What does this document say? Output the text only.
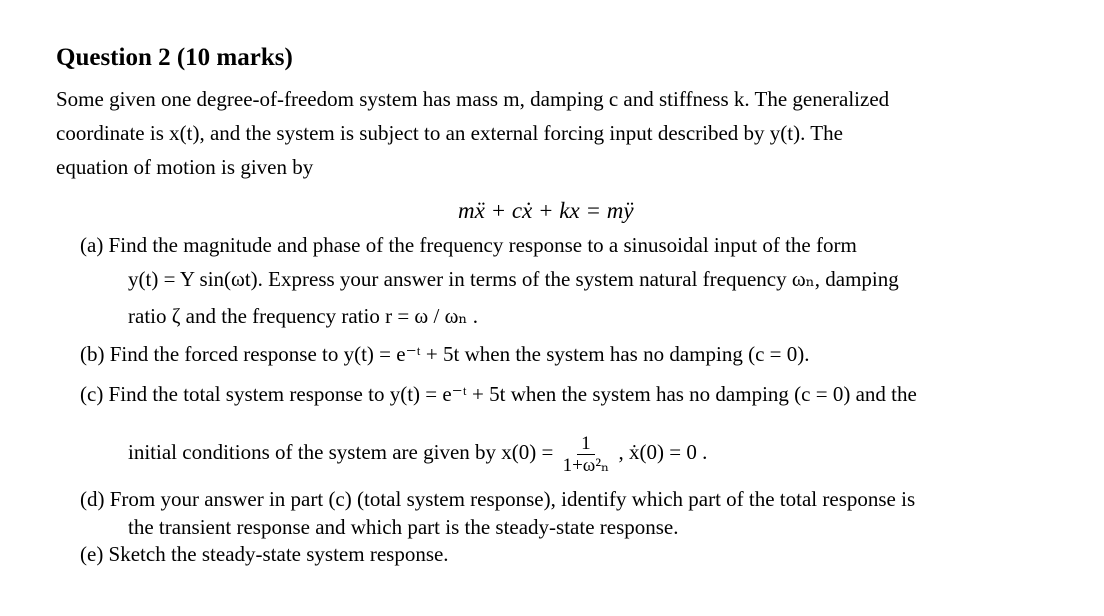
Question 2 (10 marks)
Some given one degree-of-freedom system has mass m, damping c and stiffness k. The generalized
coordinate is x(t), and the system is subject to an external forcing input described by y(t). The
equation of motion is given by
mẍ + cẋ + kx = mÿ
(a) Find the magnitude and phase of the frequency response to a sinusoidal input of the form
y(t) = Y sin(ωt). Express your answer in terms of the system natural frequency ωₙ, damping
ratio ζ and the frequency ratio r = ω / ωₙ .
(b) Find the forced response to y(t) = e⁻ᵗ + 5t when the system has no damping (c = 0).
(c) Find the total system response to y(t) = e⁻ᵗ + 5t when the system has no damping (c = 0) and the
initial conditions of the system are given by $x(0) = \frac{1}{\text{1+ω²ₙ}}$ , ẋ(0) = 0 .
(d) From your answer in part (c) (total system response), identify which part of the total response is
the transient response and which part is the steady-state response.
(e) Sketch the steady-state system response.
